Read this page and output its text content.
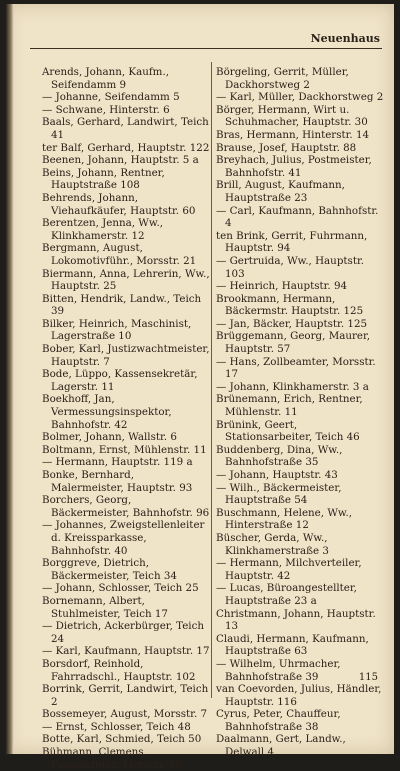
Neuenhaus
Arends, Johann, Kaufm., Seifendamm 9
— Johanne, Seifendamm 5
— Schwane, Hinterstr. 6
Baals, Gerhard, Landwirt, Teich 41
ter Balf, Gerhard, Hauptstr. 122
Beenen, Johann, Hauptstr. 5 a
Beins, Johann, Rentner, Hauptstraße 108
Behrends, Johann, Viehaufkäufer, Hauptstr. 60
Berentzen, Jenna, Ww., Klinkhamerstr. 12
Bergmann, August, Lokomotivführ., Morsstr. 21
Biermann, Anna, Lehrerin, Ww., Hauptstr. 25
Bitten, Hendrik, Landw., Teich 39
Bilker, Heinrich, Maschinist, Lagerstraße 10
Bober, Karl, Justizwachtmeister, Hauptstr. 7
Bode, Lüppo, Kassensekretär, Lagerstr. 11
Boekhoff, Jan, Vermessungsinspektor, Bahnhofstr. 42
Bolmer, Johann, Wallstr. 6
Boltmann, Ernst, Mühlenstr. 11
— Hermann, Hauptstr. 119 a
Bonke, Bernhard, Malermeister, Hauptstr. 93
Borchers, Georg, Bäckermeister, Bahnhofstr. 96
— Johannes, Zweigstellenleiter d. Kreissparkasse, Bahnhofstr. 40
Borggreve, Dietrich, Bäckermeister, Teich 34
— Johann, Schlosser, Teich 25
Bornemann, Albert, Stuhlmeister, Teich 17
— Dietrich, Ackerbürger, Teich 24
— Karl, Kaufmann, Hauptstr. 17
Borsdorf, Reinhold, Fahrradschl., Hauptstr. 102
Borrink, Gerrit, Landwirt, Teich 2
Bossemeyer, August, Morsstr. 7
— Ernst, Schlosser, Teich 48
Botte, Karl, Schmied, Teich 50
Bühmann, Clemens, Postsekretär, Morsstr. 16
Börgeling, Gerrit, Müller, Dackhorstweg 2
— Karl, Müller, Dackhorstweg 2
Börger, Hermann, Wirt u. Schuhmacher, Hauptstr. 30
Bras, Hermann, Hinterstr. 14
Brause, Josef, Hauptstr. 88
Breyhach, Julius, Postmeister, Bahnhofstr. 41
Brill, August, Kaufmann, Hauptstraße 23
— Carl, Kaufmann, Bahnhofstr. 4
ten Brink, Gerrit, Fuhrmann, Hauptstr. 94
— Gertruida, Ww., Hauptstr. 103
— Heinrich, Hauptstr. 94
Brookmann, Hermann, Bäckermstr. Hauptstr. 125
— Jan, Bäcker, Hauptstr. 125
Brüggemann, Georg, Maurer, Hauptstr. 57
— Hans, Zollbeamter, Morsstr. 17
— Johann, Klinkhamerstr. 3 a
Brünemann, Erich, Rentner, Mühlenstr. 11
Brünink, Geert, Stationsarbeiter, Teich 46
Buddenberg, Dina, Ww., Bahnhofstraße 35
— Johann, Hauptstr. 43
— Wilh., Bäckermeister, Hauptstraße 54
Buschmann, Helene, Ww., Hinterstraße 12
Büscher, Gerda, Ww., Klinkhamerstraße 3
— Hermann, Milchverteiler, Hauptstr. 42
— Lucas, Büroangestellter, Hauptstraße 23 a
Christmann, Johann, Hauptstr. 13
Claudi, Hermann, Kaufmann, Hauptstraße 63
— Wilhelm, Uhrmacher, Bahnhofstraße 39
van Coevorden, Julius, Händler, Hauptstr. 116
Cyrus, Peter, Chauffeur, Bahnhofstraße 38
Daalmann, Gert, Landw., Delwall 4
115
